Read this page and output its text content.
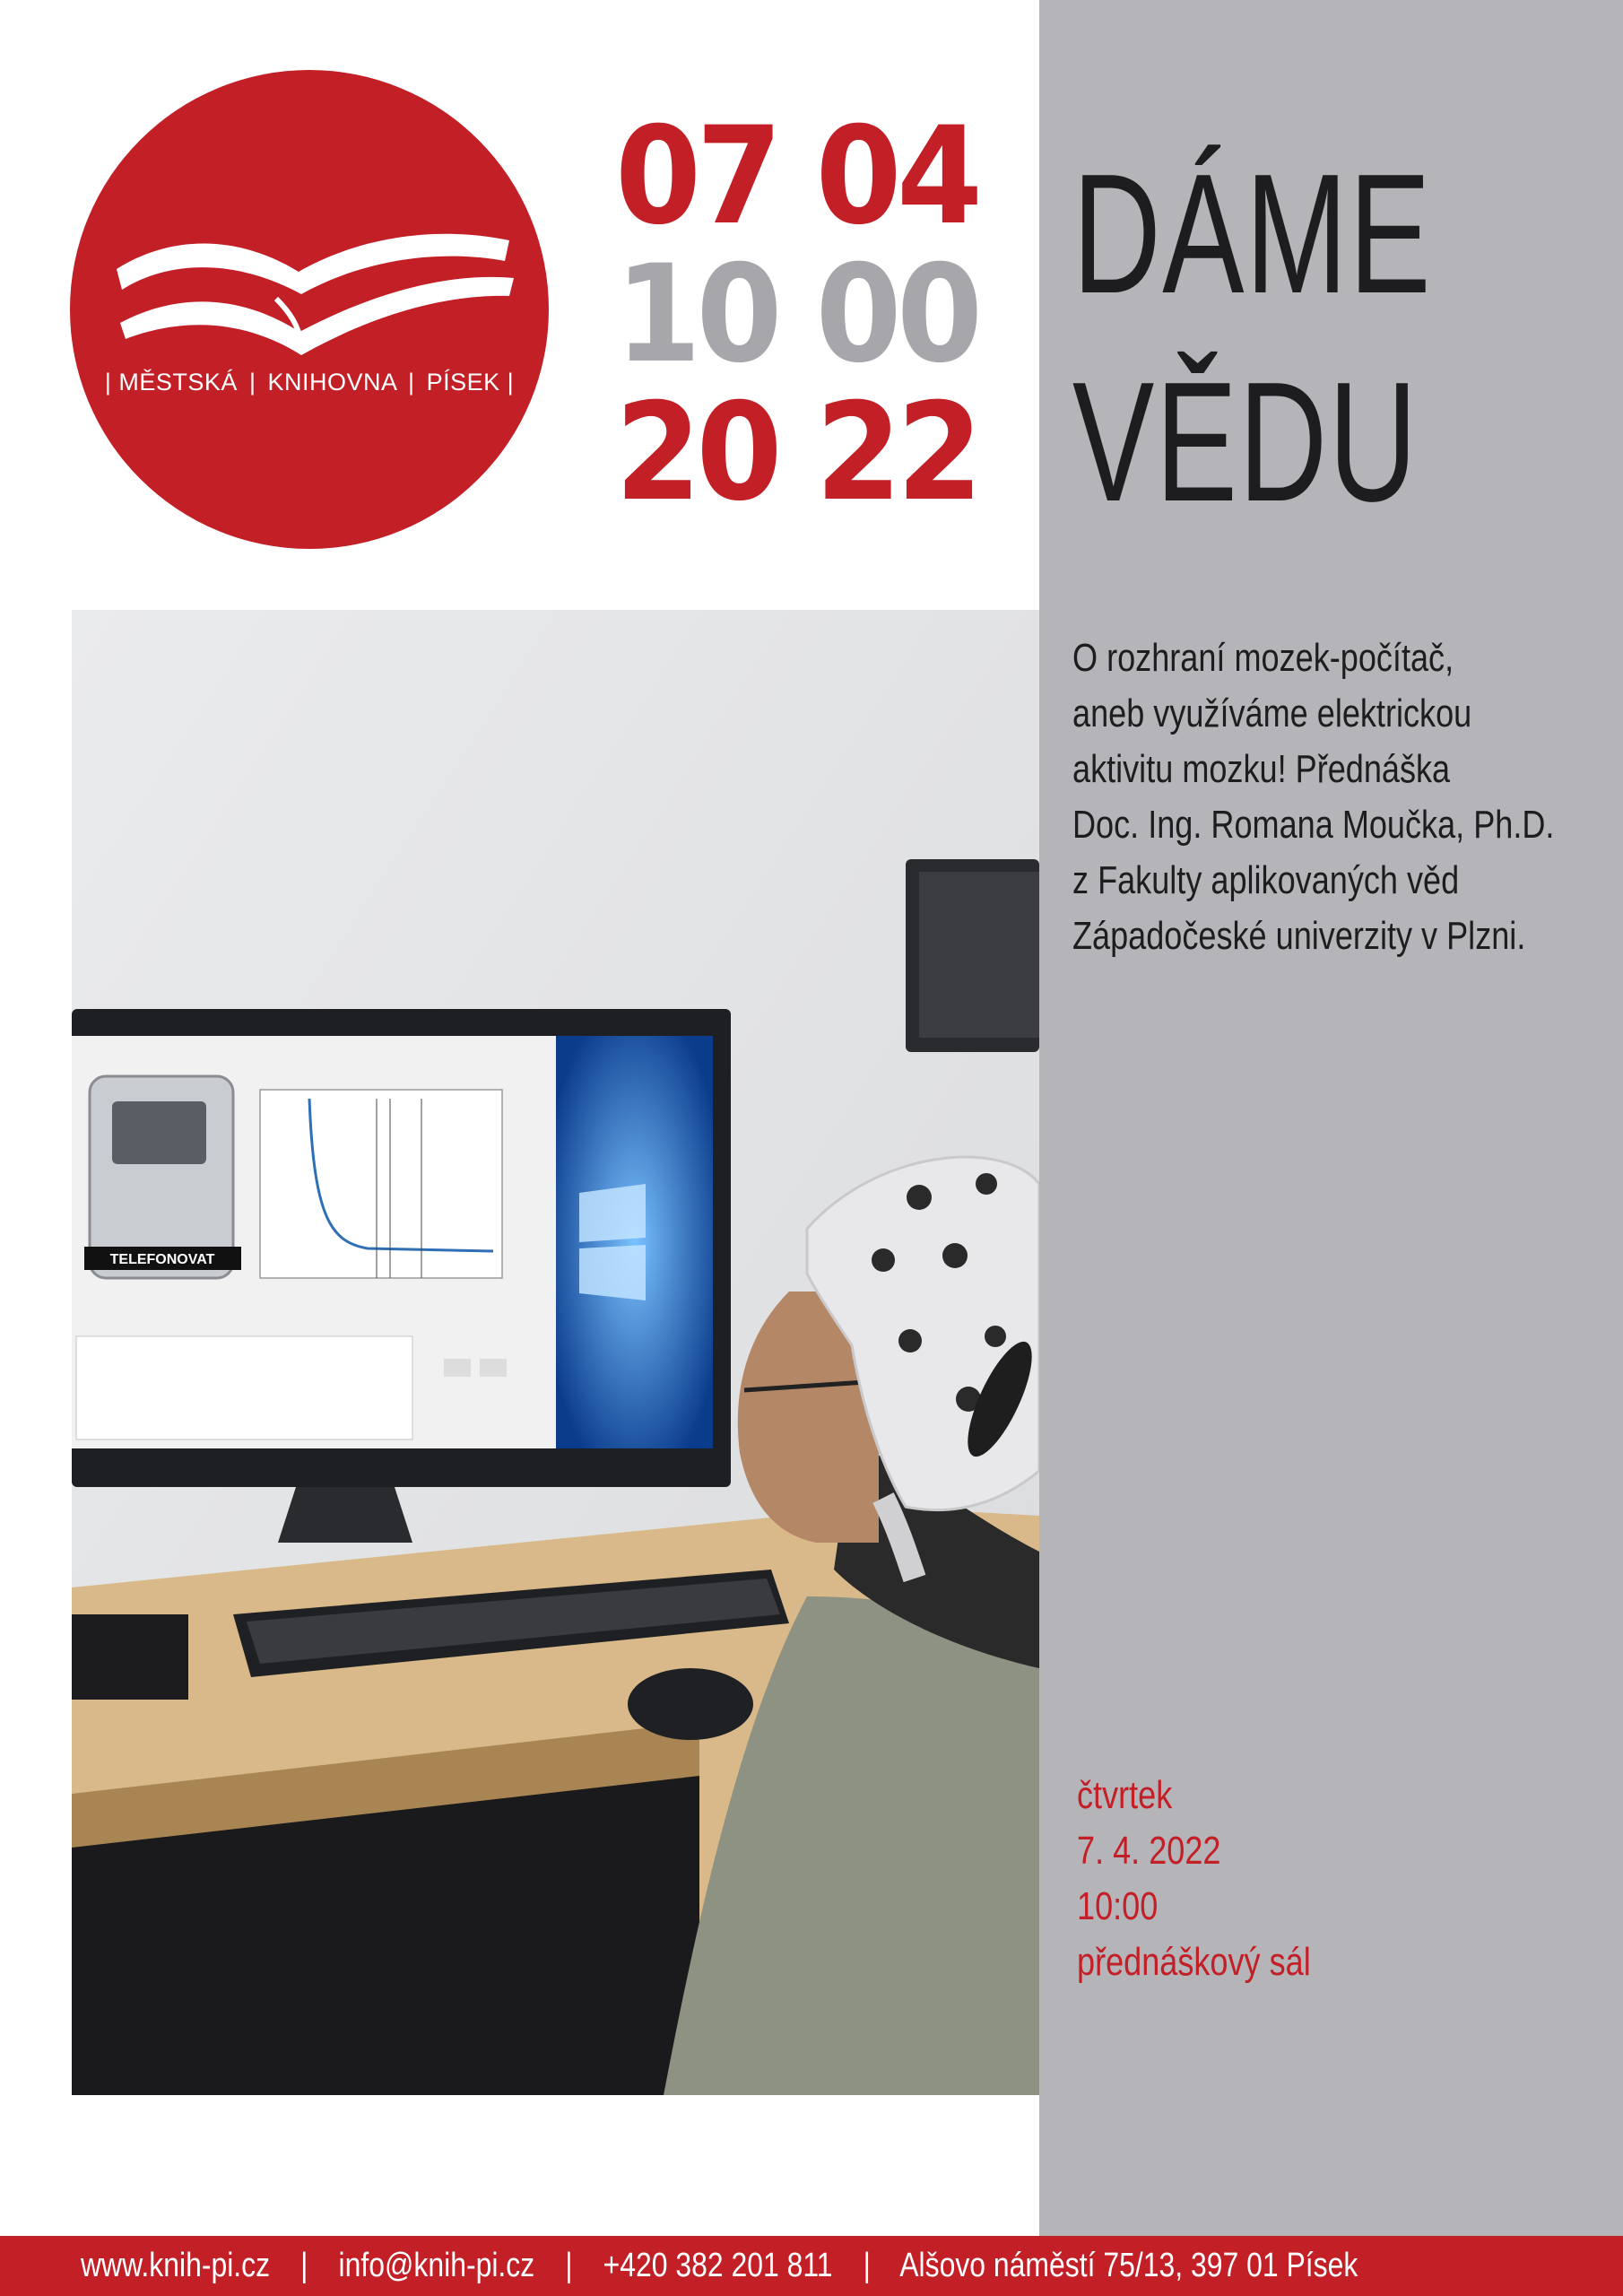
| MĚSTSKÁ | KNIHOVNA | PÍSEK |
07 04
10 00
20 22
DÁME
VĚDU
O rozhraní mozek-počítač,
aneb využíváme elektrickou
aktivitu mozku! Přednáška
Doc. Ing. Romana Moučka, Ph.D.
z Fakulty aplikovaných věd
Západočeské univerzity v Plzni.
TELEFONOVAT
čtvrtek
7. 4. 2022
10:00
přednáškový sál
www.knih-pi.cz | info@knih-pi.cz | +420 382 201 811 | Alšovo náměstí 75/13, 397 01 Písek
